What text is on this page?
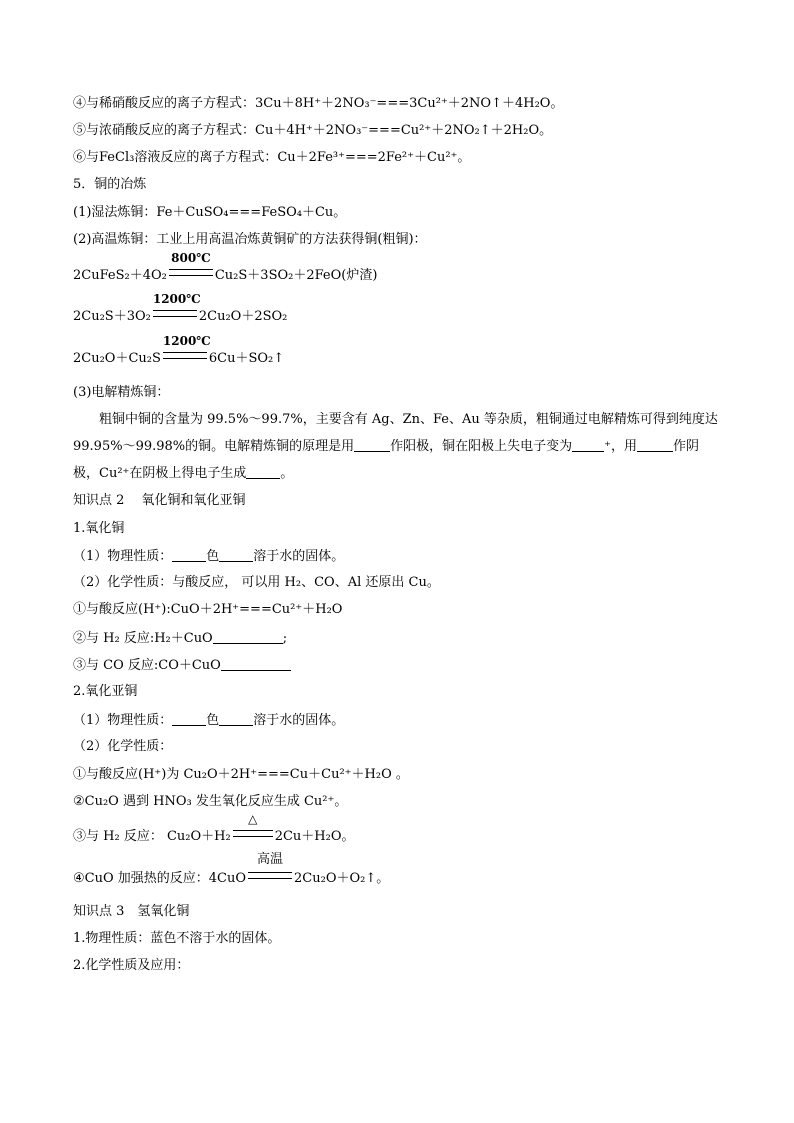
④与稀硝酸反应的离子方程式：3Cu＋8H⁺＋2NO₃⁻===3Cu²⁺＋2NO↑＋4H₂O。
⑤与浓硝酸反应的离子方程式：Cu＋4H⁺＋2NO₃⁻===Cu²⁺＋2NO₂↑＋2H₂O。
⑥与FeCl₃溶液反应的离子方程式：Cu＋2Fe³⁺===2Fe²⁺＋Cu²⁺。
5．铜的冶炼
(1)湿法炼铜：Fe＋CuSO₄===FeSO₄＋Cu。
(2)高温炼铜：工业上用高温冶炼黄铜矿的方法获得铜(粗铜)：
2CuFeS₂＋4O₂
800℃
Cu₂S＋3SO₂＋2FeO(炉渣)
2Cu₂S＋3O₂
1200℃
2Cu₂O＋2SO₂
2Cu₂O＋Cu₂S
1200℃
6Cu＋SO₂↑
(3)电解精炼铜：
粗铜中铜的含量为 99.5%～99.7%，主要含有 Ag、Zn、Fe、Au 等杂质，粗铜通过电解精炼可得到纯度达 99.95%～99.98%的铜。电解精炼铜的原理是用	作阳极，铜在阳极上失电子变为 ⁺，用	作阴极，Cu²⁺在阴极上得电子生成	。
知识点 2　 氧化铜和氧化亚铜
1.氧化铜
（1）物理性质：	色	溶于水的固体。
（2）化学性质：与酸反应， 可以用 H₂、CO、Al 还原出 Cu。
①与酸反应(H⁺):CuO＋2H⁺===Cu²⁺＋H₂O
②与 H₂ 反应:H₂＋CuO	;
③与 CO 反应:CO＋CuO
2.氧化亚铜
（1）物理性质：	色	溶于水的固体。
（2）化学性质：
①与酸反应(H⁺)为 Cu₂O＋2H⁺===Cu＋Cu²⁺＋H₂O 。
②Cu₂O 遇到 HNO₃ 发生氧化反应生成 Cu²⁺。
③与 H₂ 反应： Cu₂O＋H₂
△
2Cu＋H₂O。
④CuO 加强热的反应：4CuO
高温
2Cu₂O＋O₂↑。
知识点 3　氢氧化铜
1.物理性质：蓝色不溶于水的固体。
2.化学性质及应用：
